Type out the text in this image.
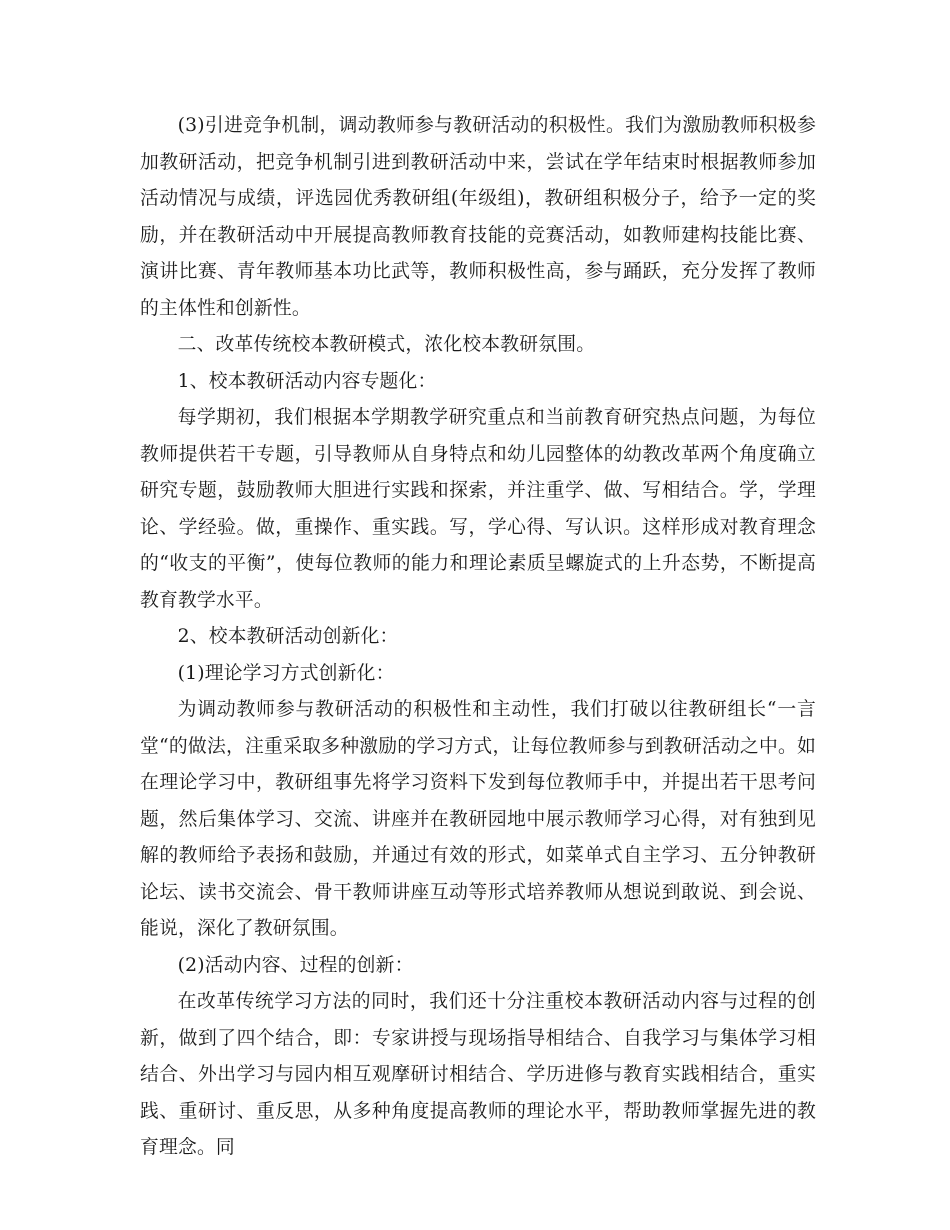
(3)引进竞争机制，调动教师参与教研活动的积极性。我们为激励教师积极参加教研活动，把竞争机制引进到教研活动中来，尝试在学年结束时根据教师参加活动情况与成绩，评选园优秀教研组(年级组)，教研组积极分子，给予一定的奖励，并在教研活动中开展提高教师教育技能的竞赛活动，如教师建构技能比赛、演讲比赛、青年教师基本功比武等，教师积极性高，参与踊跃，充分发挥了教师的主体性和创新性。

二、改革传统校本教研模式，浓化校本教研氛围。

1、校本教研活动内容专题化：

每学期初，我们根据本学期教学研究重点和当前教育研究热点问题，为每位教师提供若干专题，引导教师从自身特点和幼儿园整体的幼教改革两个角度确立研究专题，鼓励教师大胆进行实践和探索，并注重学、做、写相结合。学，学理论、学经验。做，重操作、重实践。写，学心得、写认识。这样形成对教育理念的“收支的平衡”，使每位教师的能力和理论素质呈螺旋式的上升态势，不断提高教育教学水平。

2、校本教研活动创新化：

(1)理论学习方式创新化：

为调动教师参与教研活动的积极性和主动性，我们打破以往教研组长“一言堂“的做法，注重采取多种激励的学习方式，让每位教师参与到教研活动之中。如在理论学习中，教研组事先将学习资料下发到每位教师手中，并提出若干思考问题，然后集体学习、交流、讲座并在教研园地中展示教师学习心得，对有独到见解的教师给予表扬和鼓励，并通过有效的形式，如菜单式自主学习、五分钟教研论坛、读书交流会、骨干教师讲座互动等形式培养教师从想说到敢说、到会说、能说，深化了教研氛围。

(2)活动内容、过程的创新：

在改革传统学习方法的同时，我们还十分注重校本教研活动内容与过程的创新，做到了四个结合，即：专家讲授与现场指导相结合、自我学习与集体学习相结合、外出学习与园内相互观摩研讨相结合、学历进修与教育实践相结合，重实践、重研讨、重反思，从多种角度提高教师的理论水平，帮助教师掌握先进的教育理念。同
